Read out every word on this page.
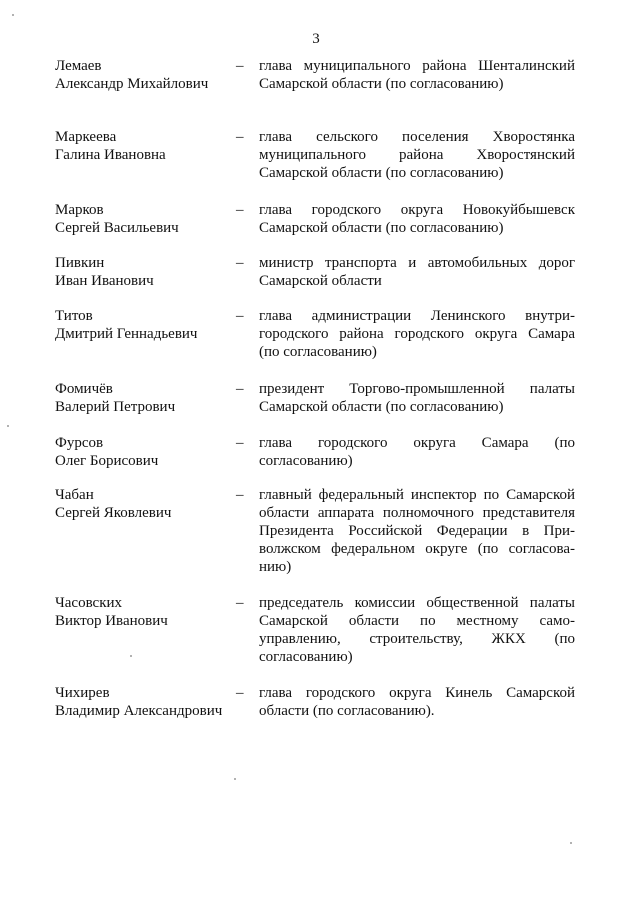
3
Лемаев
Александр Михайлович
– глава муниципального района Шенталинский
Самарской области (по согласованию)
Маркеева
Галина Ивановна
– глава сельского поселения Хворостянка
муниципального района Хворостянский
Самарской области (по согласованию)
Марков
Сергей Васильевич
– глава городского округа Новокуйбышевск
Самарской области (по согласованию)
Пивкин
Иван Иванович
– министр транспорта и автомобильных дорог
Самарской области
Титов
Дмитрий Геннадьевич
– глава администрации Ленинского внутри-
городского района городского округа Самара
(по согласованию)
Фомичёв
Валерий Петрович
– президент Торгово-промышленной палаты
Самарской области (по согласованию)
Фурсов
Олег Борисович
– глава городского округа Самара (по
согласованию)
Чабан
Сергей Яковлевич
– главный федеральный инспектор по Самарской
области аппарата полномочного представителя
Президента Российской Федерации в При-
волжском федеральном округе (по согласова-
нию)
Часовских
Виктор Иванович
– председатель комиссии общественной палаты
Самарской области по местному само-
управлению, строительству, ЖКХ (по
согласованию)
Чихирев
Владимир Александрович
– глава городского округа Кинель Самарской
области (по согласованию).
